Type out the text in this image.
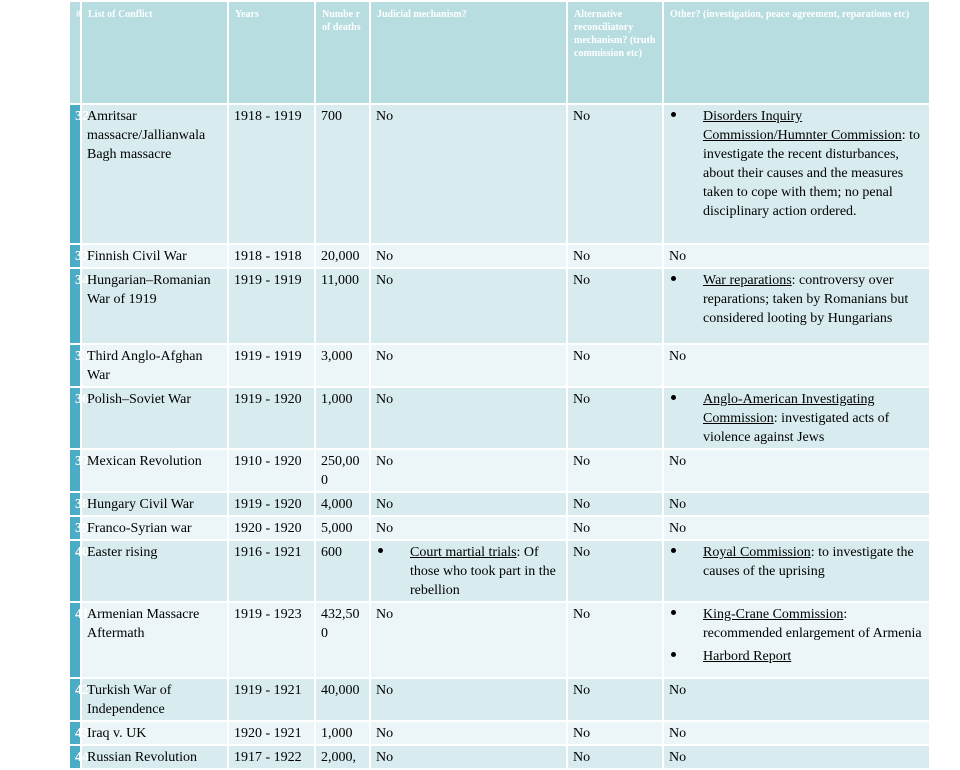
#	List of Conflict	Years	Numbe r of deaths	Judicial mechanism?	Alternative reconciliatory mechanism? (truth commission etc)	Other? (investigation, peace agreement, reparations etc)
32	Amritsar massacre/Jallianwala Bagh massacre	1918 - 1919	700	No	No	Disorders Inquiry Commission/Humnter Commission: to investigate the recent disturbances, about their causes and the measures taken to cope with them; no penal disciplinary action ordered.

33	Finnish Civil War	1918 - 1918	20,000	No	No	No
34	Hungarian–Romanian War of 1919	1919 - 1919	11,000	No	No	War reparations: controversy over reparations; taken by Romanians but considered looting by Hungarians

35	Third Anglo-Afghan War	1919 - 1919	3,000	No	No	No
36	Polish–Soviet War	1919 - 1920	1,000	No	No	Anglo-American Investigating Commission: investigated acts of violence against Jews

37	Mexican Revolution	1910 - 1920	250,00 0	No	No	No
38	Hungary Civil War	1919 - 1920	4,000	No	No	No
39	Franco-Syrian war	1920 - 1920	5,000	No	No	No
40	Easter rising	1916 - 1921	600	Court martial trials: Of those who took part in the rebellion	No	Royal Commission: to investigate the causes of the uprising

41	Armenian Massacre Aftermath	1919 - 1923	432,50 0	No	No	King-Crane Commission: recommended enlargement of Armenia
Harbord Report

42	Turkish War of Independence	1919 - 1921	40,000	No	No	No
43	Iraq v. UK	1920 - 1921	1,000	No	No	No
44	Russian Revolution	1917 - 1922	2,000,	No	No	No
